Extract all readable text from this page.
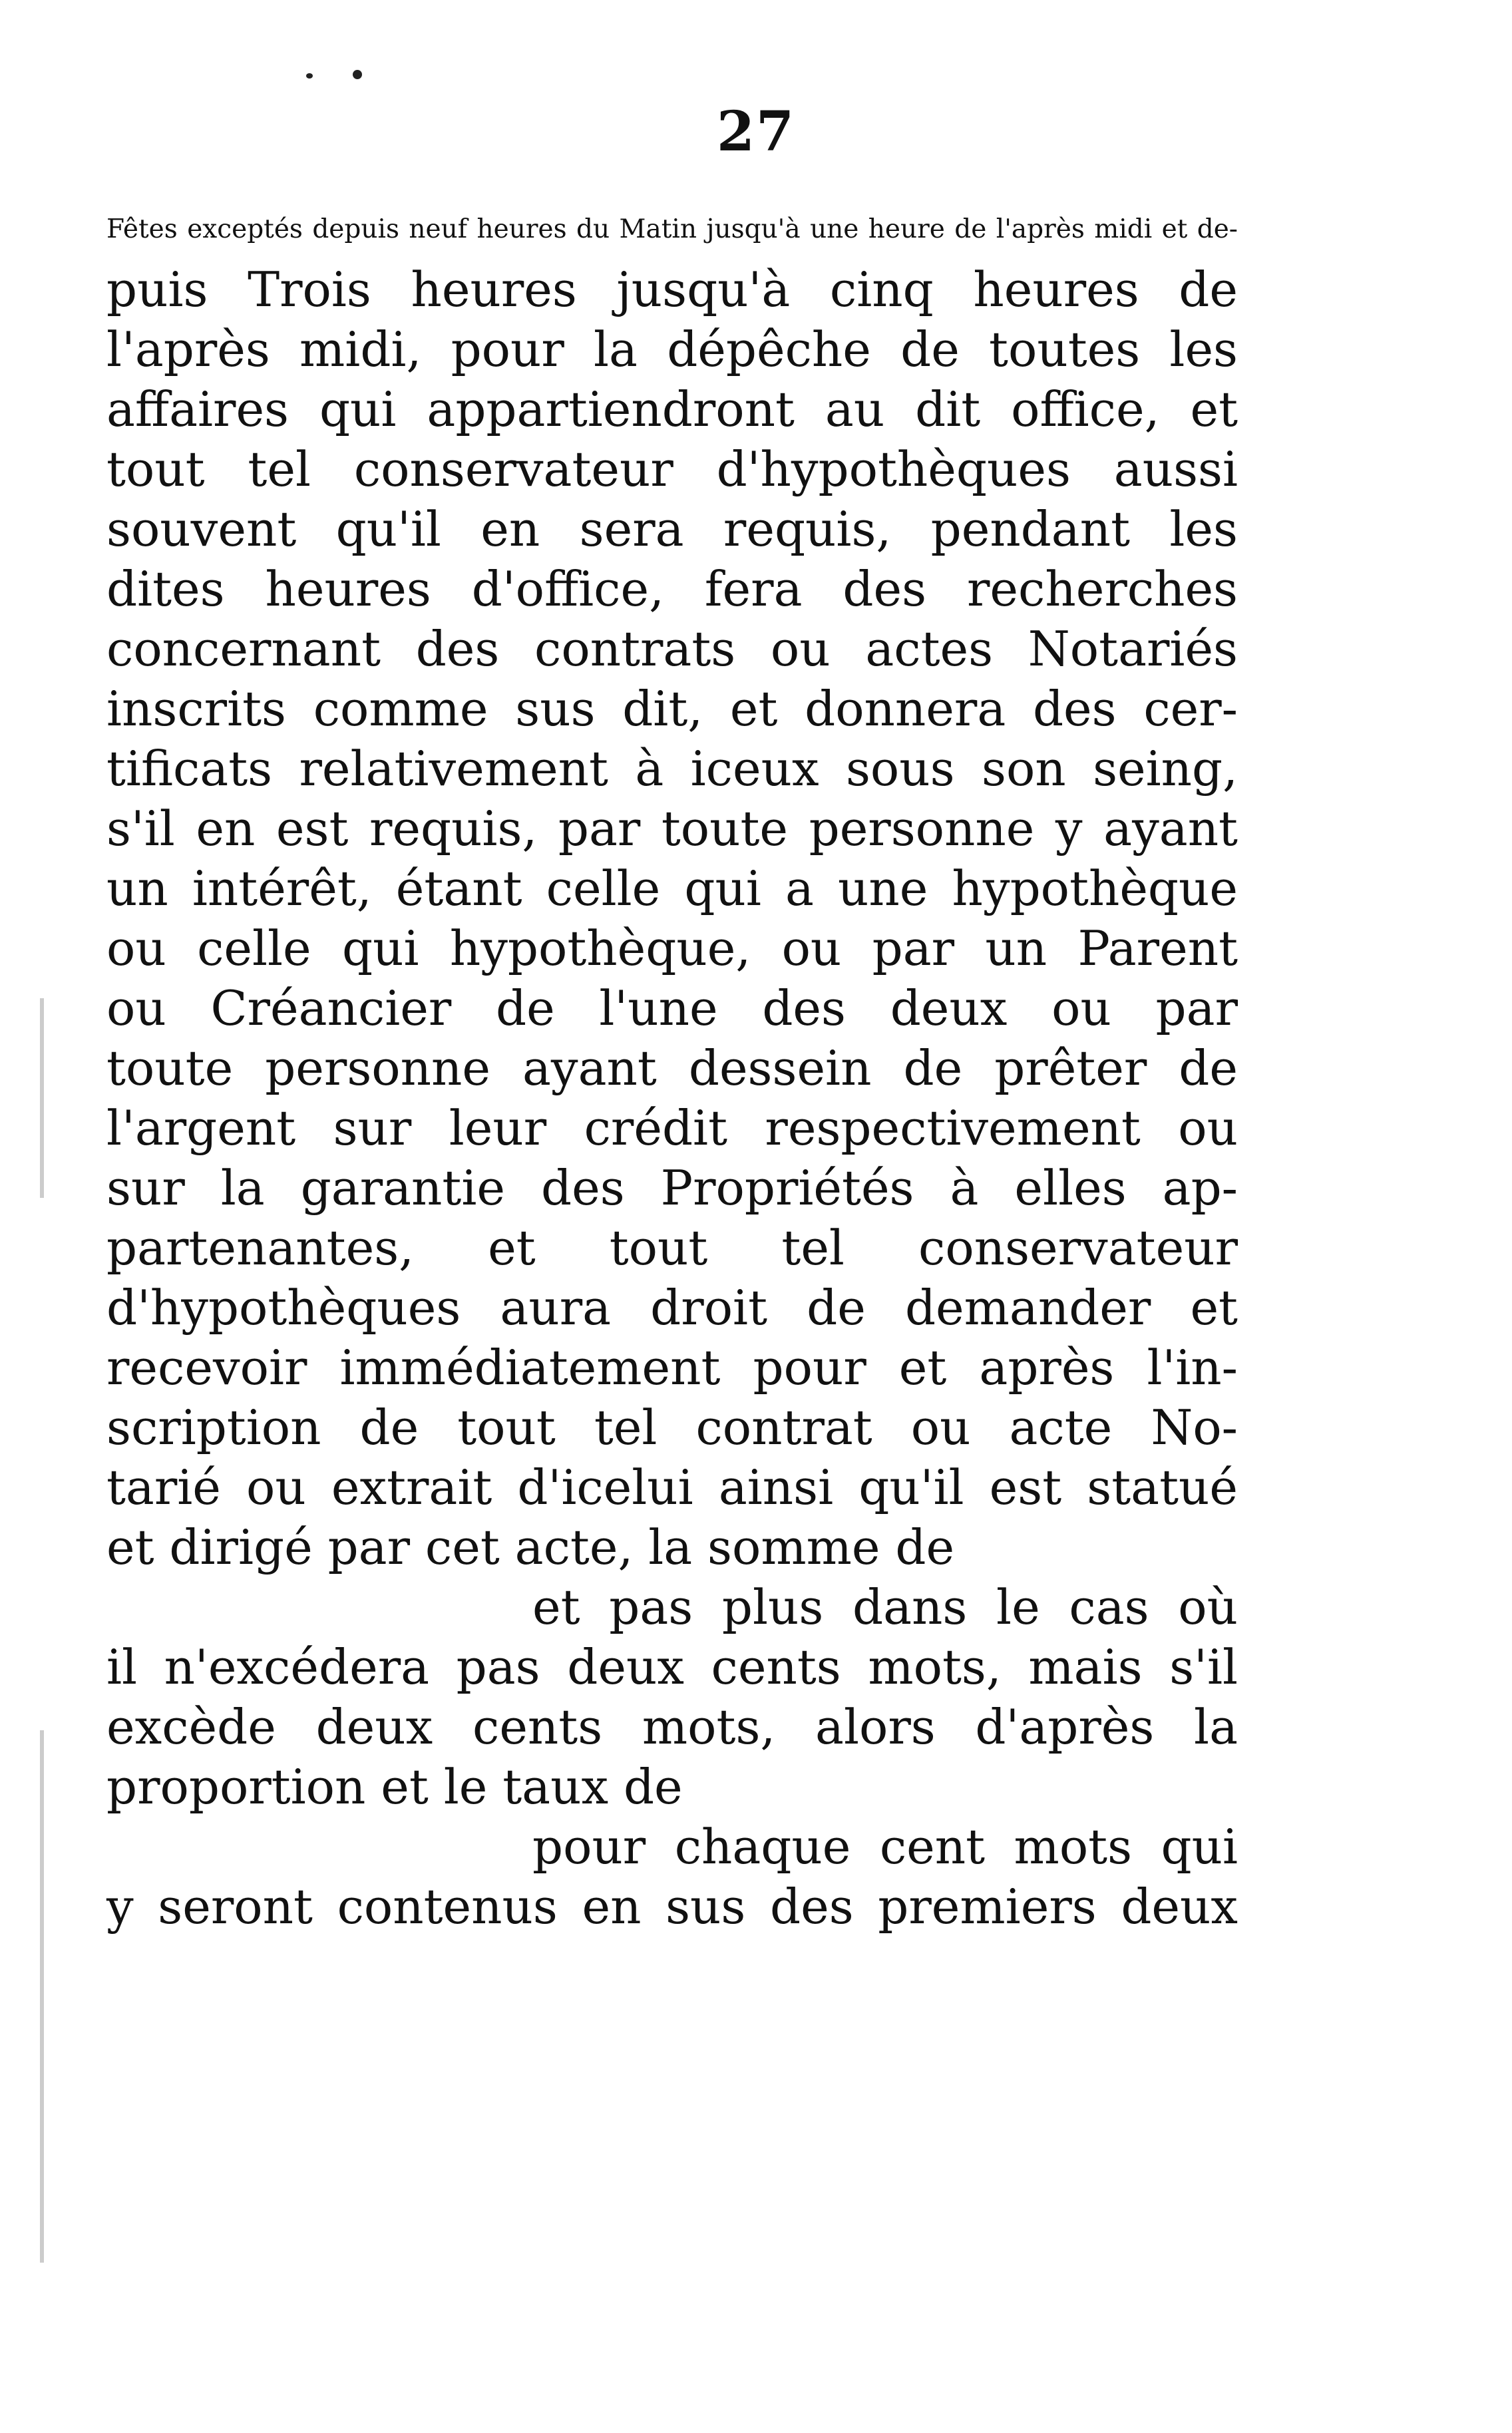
27
Fêtes exceptés depuis neuf heures du Matin jusqu'à une heure de l'après midi et de-
puis Trois heures jusqu'à cinq heures de
l'après midi, pour la dépêche de toutes les
affaires qui appartiendront au dit office, et
tout tel conservateur d'hypothèques aussi
souvent qu'il en sera requis, pendant les
dites heures d'office, fera des recherches
concernant des contrats ou actes Notariés
inscrits comme sus dit, et donnera des cer-
tificats relativement à iceux sous son seing,
s'il en est requis, par toute personne y ayant
un intérêt, étant celle qui a une hypothèque
ou celle qui hypothèque, ou par un Parent
ou Créancier de l'une des deux ou par
toute personne ayant dessein de prêter de
l'argent sur leur crédit respectivement ou
sur la garantie des Propriétés à elles ap-
partenantes, et tout tel conservateur
d'hypothèques aura droit de demander et
recevoir immédiatement pour et après l'in-
scription de tout tel contrat ou acte No-
tarié ou extrait d'icelui ainsi qu'il est statué
et dirigé par cet acte, la somme de
et pas plus dans le cas où
il n'excédera pas deux cents mots, mais s'il
excède deux cents mots, alors d'après la
proportion et le taux de
pour chaque cent mots qui
y seront contenus en sus des premiers deux
